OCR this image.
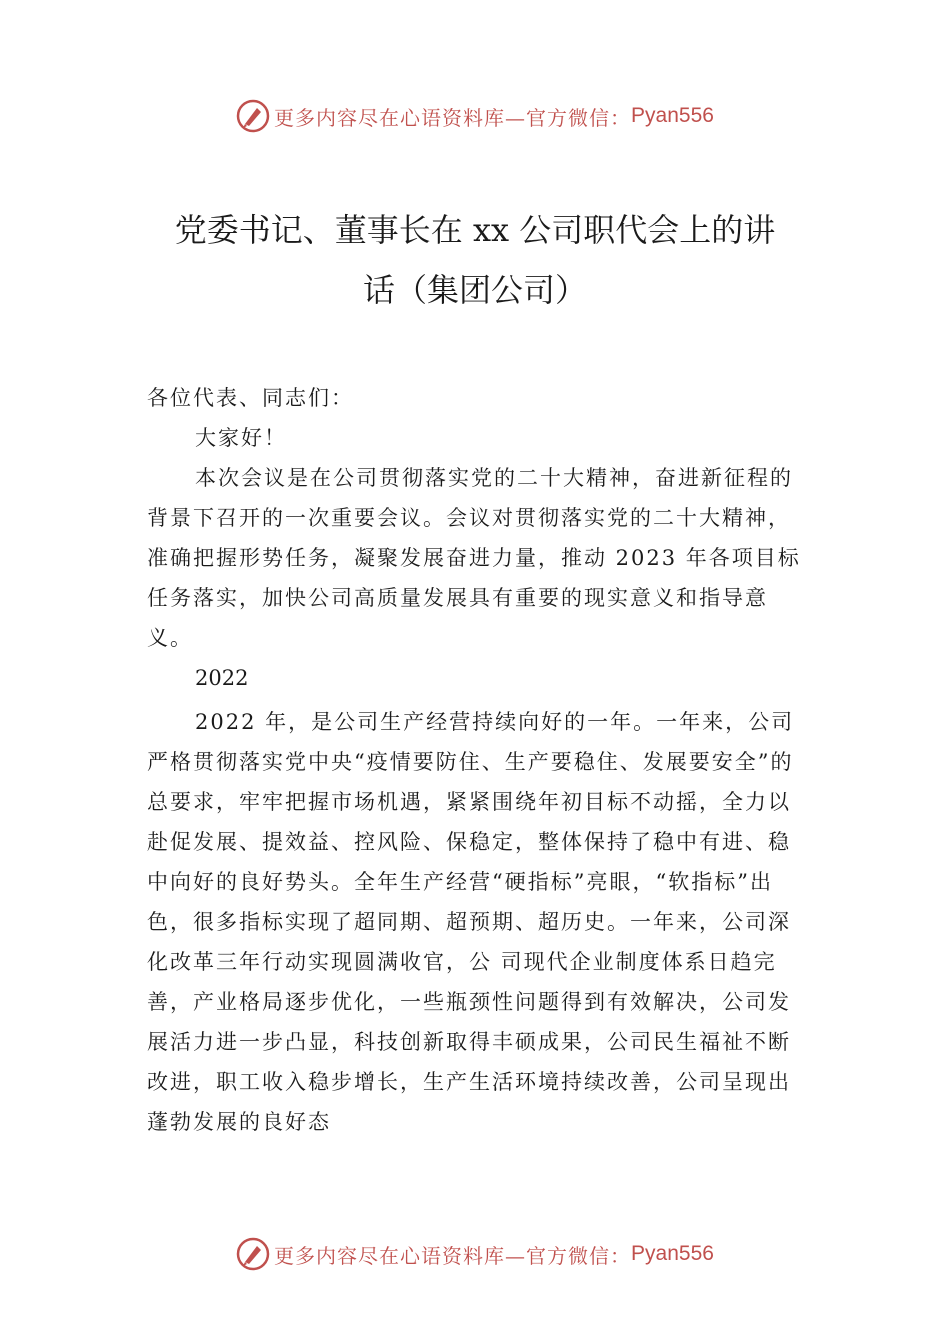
更多内容尽在心语资料库—官方微信： Pyan556
党委书记、董事长在 xx 公司职代会上的讲
话（集团公司）

各位代表、同志们：

大家好！

本次会议是在公司贯彻落实党的二十大精神，奋进新征程的背景下召开的一次重要会议。会议对贯彻落实党的二十大精神，准确把握形势任务，凝聚发展奋进力量，推动 2023 年各项目标任务落实，加快公司高质量发展具有重要的现实意义和指导意义。

2022

2022 年，是公司生产经营持续向好的一年。一年来，公司严格贯彻落实党中央“疫情要防住、生产要稳住、发展要安全”的总要求，牢牢把握市场机遇，紧紧围绕年初目标不动摇，全力以赴促发展、提效益、控风险、保稳定，整体保持了稳中有进、稳中向好的良好势头。全年生产经营“硬指标”亮眼，“软指标”出色，很多指标实现了超同期、超预期、超历史。一年来，公司深化改革三年行动实现圆满收官，公 司现代企业制度体系日趋完善，产业格局逐步优化，一些瓶颈性问题得到有效解决，公司发展活力进一步凸显，科技创新取得丰硕成果，公司民生福祉不断改进，职工收入稳步增长，生产生活环境持续改善，公司呈现出蓬勃发展的良好态

更多内容尽在心语资料库—官方微信： Pyan556
